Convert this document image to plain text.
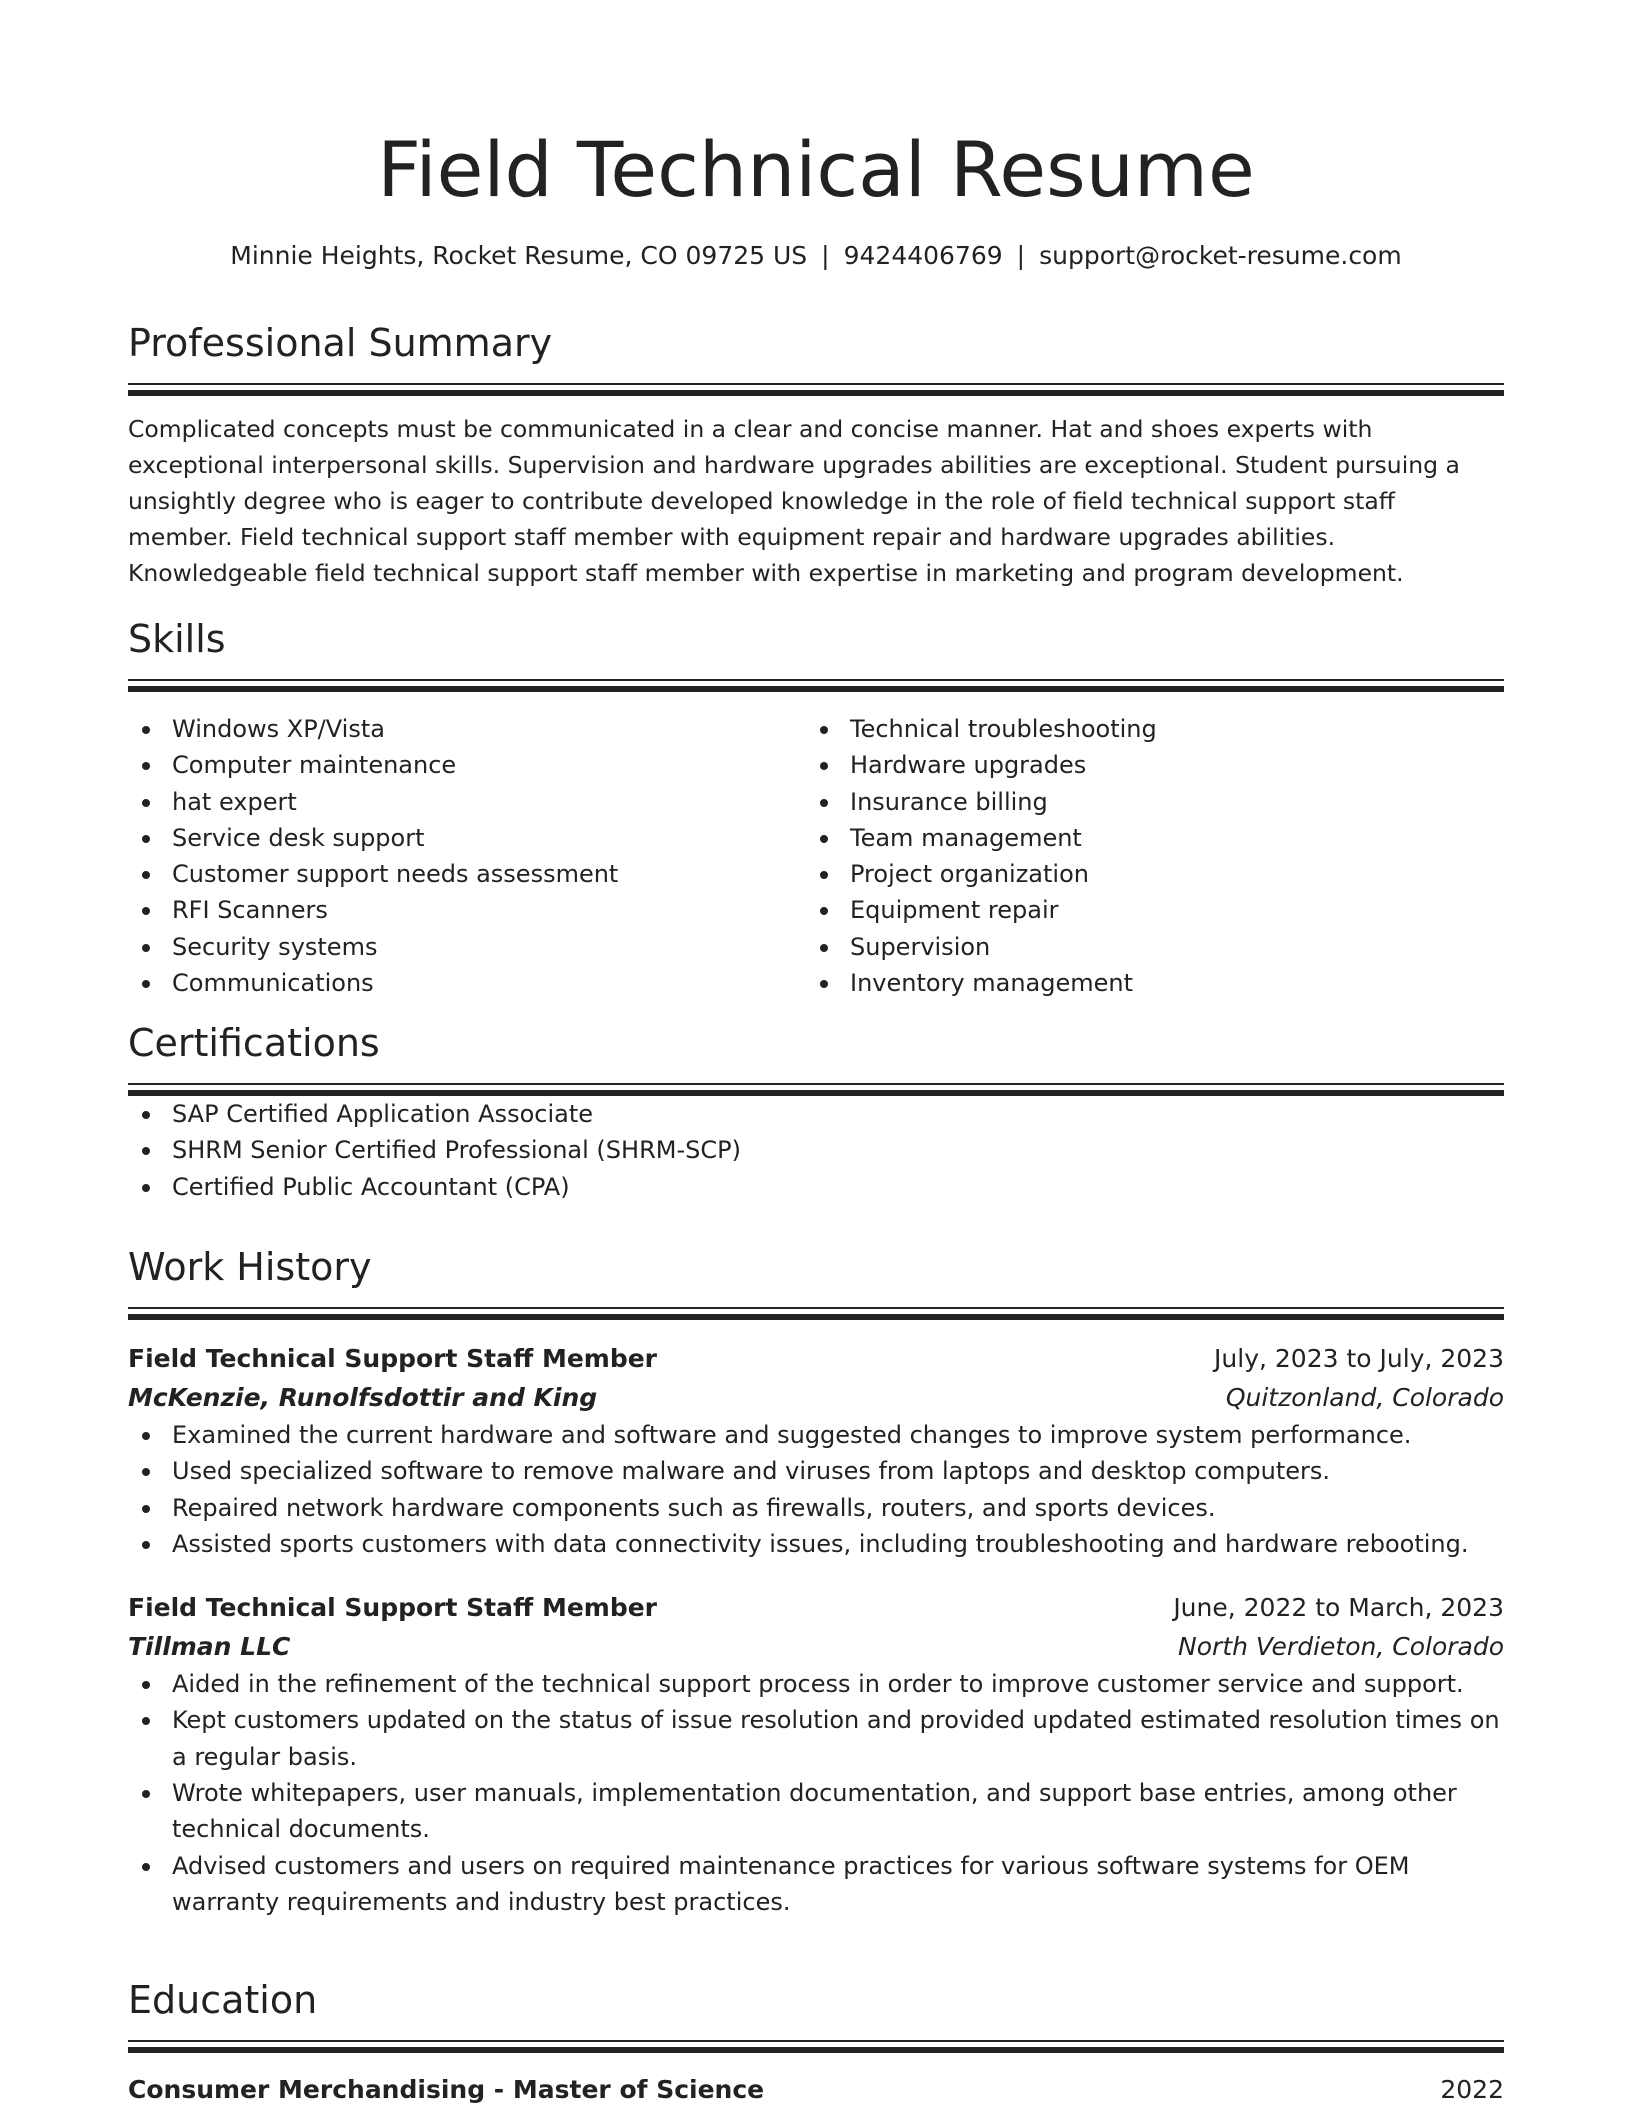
Field Technical Resume
Minnie Heights, Rocket Resume, CO 09725 US | 9424406769 | support@rocket-resume.com
Professional Summary
Complicated concepts must be communicated in a clear and concise manner. Hat and shoes experts with exceptional interpersonal skills. Supervision and hardware upgrades abilities are exceptional. Student pursuing a unsightly degree who is eager to contribute developed knowledge in the role of field technical support staff member. Field technical support staff member with equipment repair and hardware upgrades abilities. Knowledgeable field technical support staff member with expertise in marketing and program development.
Skills
Windows XP/Vista
Computer maintenance
hat expert
Service desk support
Customer support needs assessment
RFI Scanners
Security systems
Communications
Technical troubleshooting
Hardware upgrades
Insurance billing
Team management
Project organization
Equipment repair
Supervision
Inventory management
Certifications
SAP Certified Application Associate
SHRM Senior Certified Professional (SHRM-SCP)
Certified Public Accountant (CPA)
Work History
Field Technical Support Staff Member	July, 2023 to July, 2023
McKenzie, Runolfsdottir and King	Quitzonland, Colorado
Examined the current hardware and software and suggested changes to improve system performance.
Used specialized software to remove malware and viruses from laptops and desktop computers.
Repaired network hardware components such as firewalls, routers, and sports devices.
Assisted sports customers with data connectivity issues, including troubleshooting and hardware rebooting.
Field Technical Support Staff Member	June, 2022 to March, 2023
Tillman LLC	North Verdieton, Colorado
Aided in the refinement of the technical support process in order to improve customer service and support.
Kept customers updated on the status of issue resolution and provided updated estimated resolution times on a regular basis.
Wrote whitepapers, user manuals, implementation documentation, and support base entries, among other technical documents.
Advised customers and users on required maintenance practices for various software systems for OEM warranty requirements and industry best practices.
Education
Consumer Merchandising - Master of Science	2022
